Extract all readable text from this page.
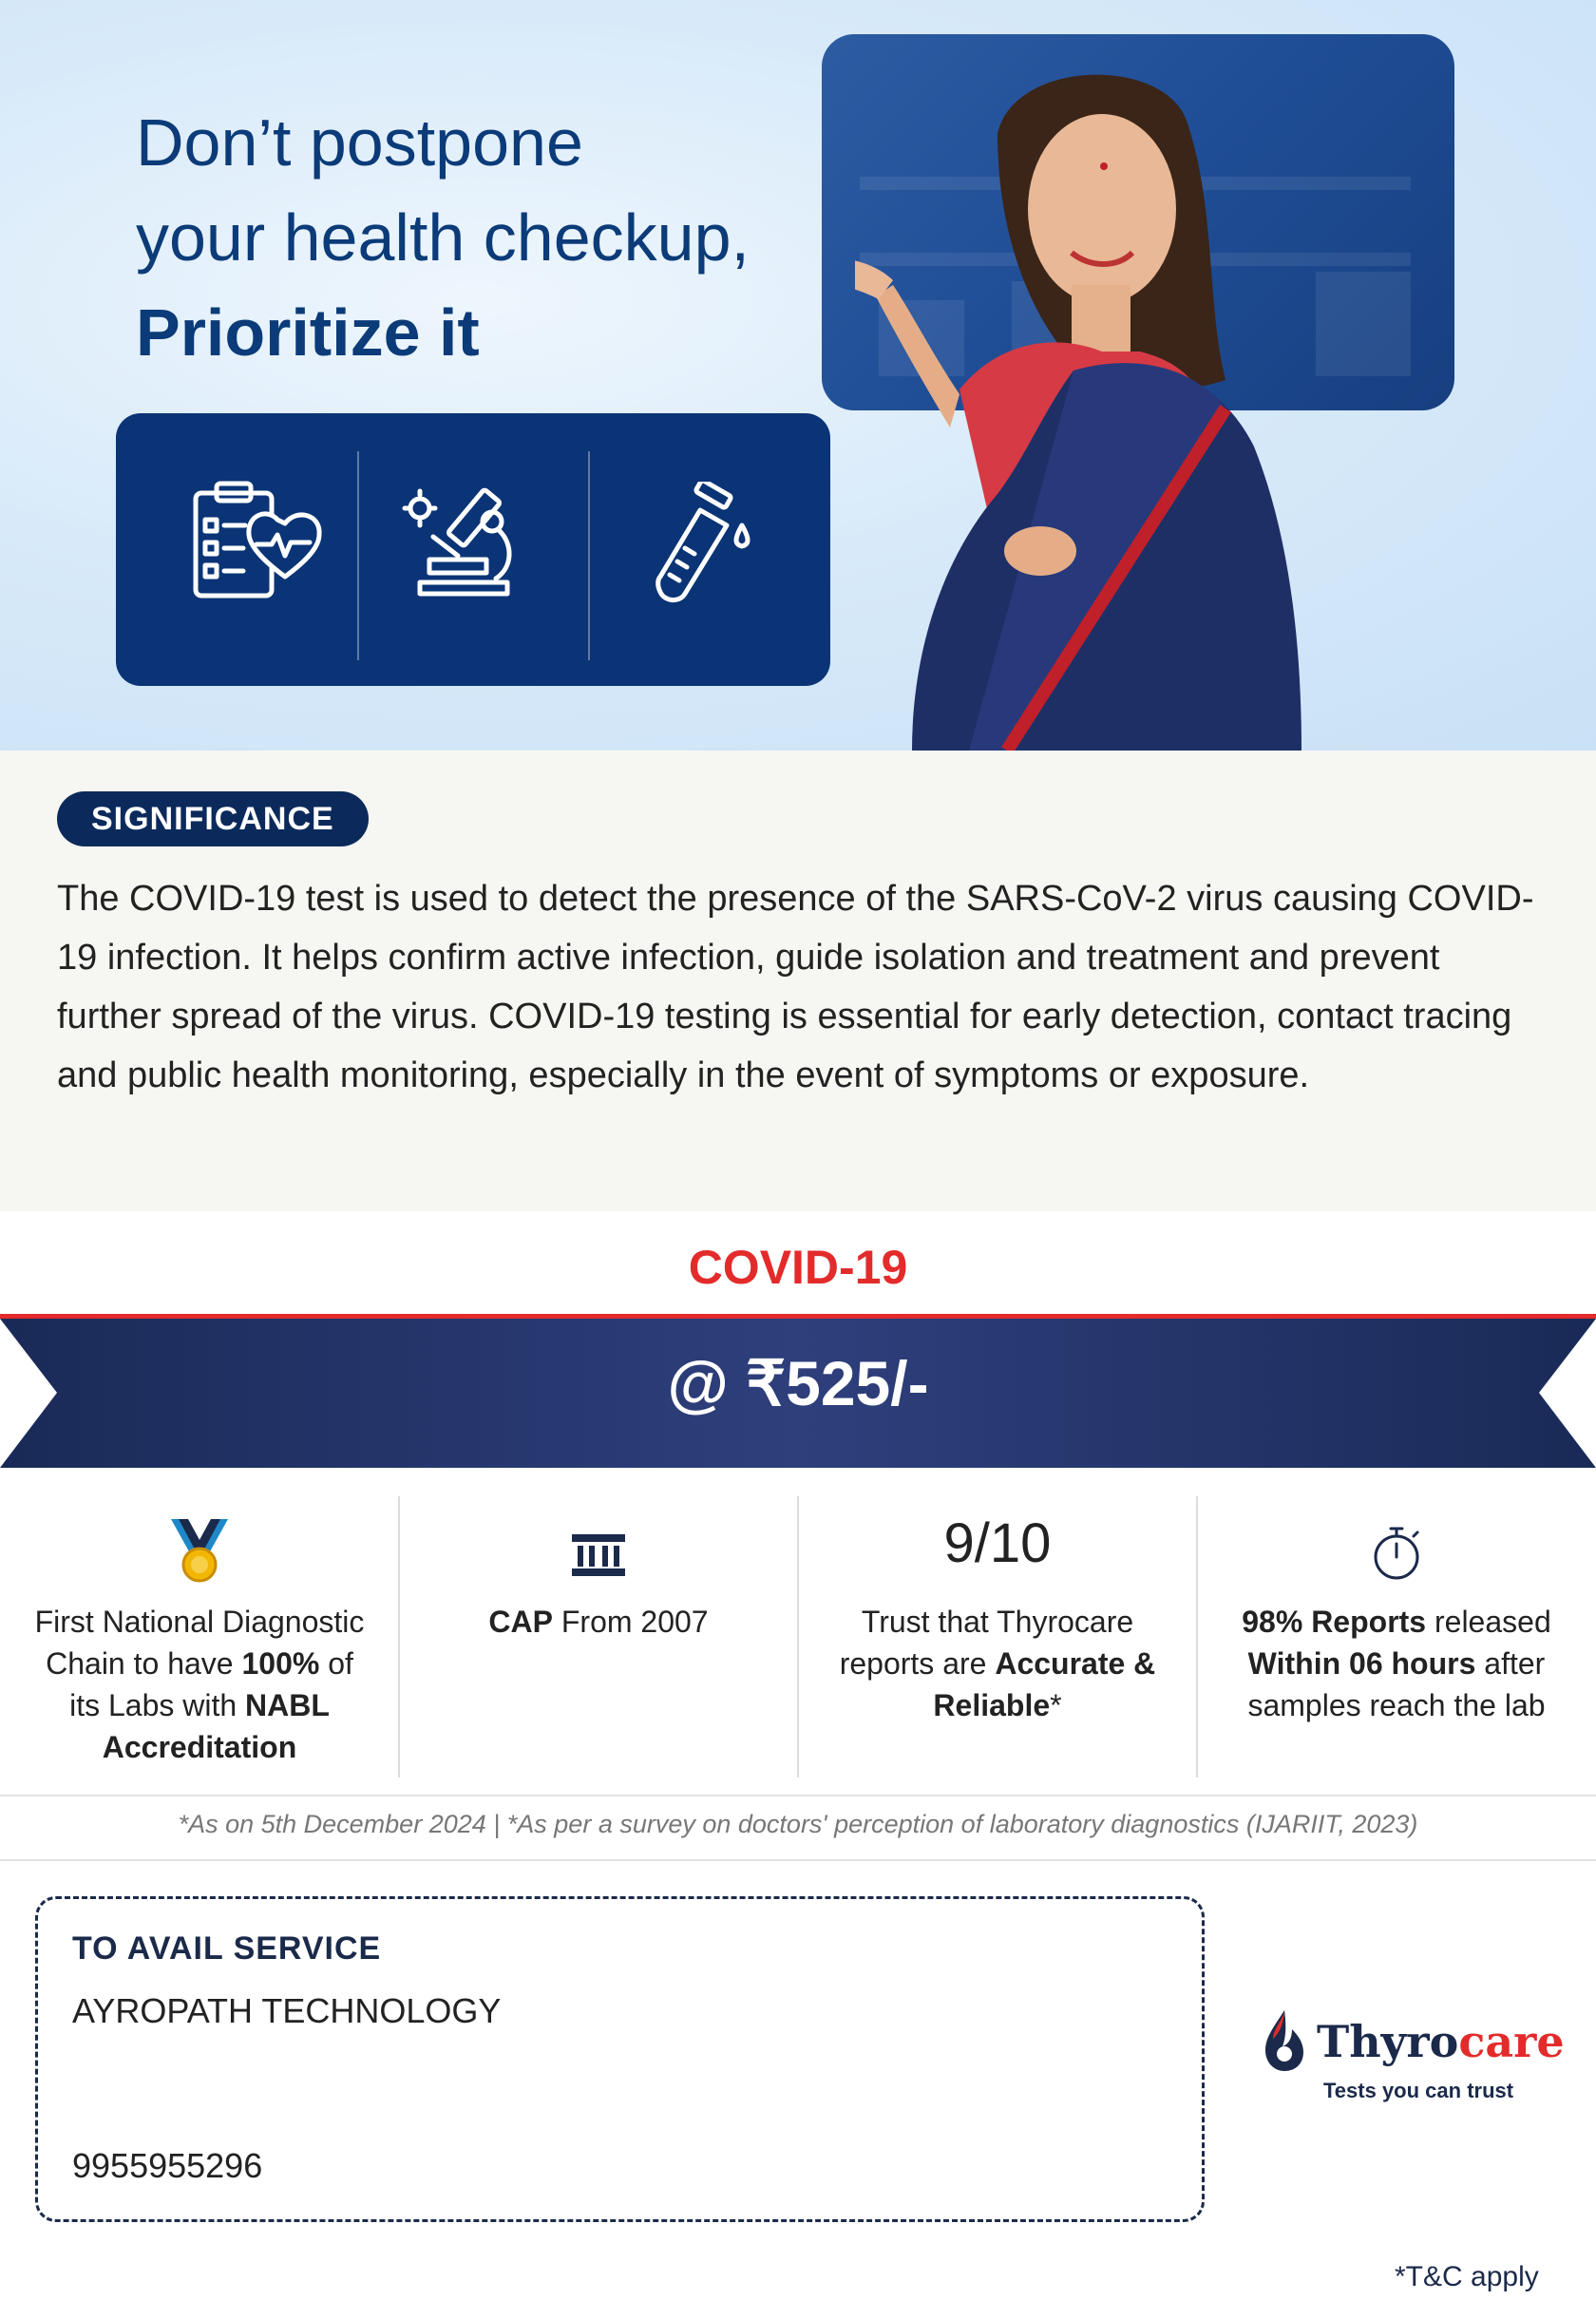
Don’t postpone
your health checkup,
Prioritize it
SIGNIFICANCE
The COVID-19 test is used to detect the presence of the SARS-CoV-2 virus causing COVID-19 infection. It helps confirm active infection, guide isolation and treatment and prevent further spread of the virus. COVID-19 testing is essential for early detection, contact tracing and public health monitoring, especially in the event of symptoms or exposure.
COVID-19
@ ₹525/-
First National Diagnostic Chain to have 100% of its Labs with NABL Accreditation
CAP From 2007
9/10
Trust that Thyrocare reports are Accurate & Reliable*
98% Reports released Within 06 hours after samples reach the lab
*As on 5th December 2024 | *As per a survey on doctors' perception of laboratory diagnostics (IJARIIT, 2023)
TO AVAIL SERVICE
AYROPATH TECHNOLOGY
9955955296
Thyrocare
Tests you can trust
*T&C apply
